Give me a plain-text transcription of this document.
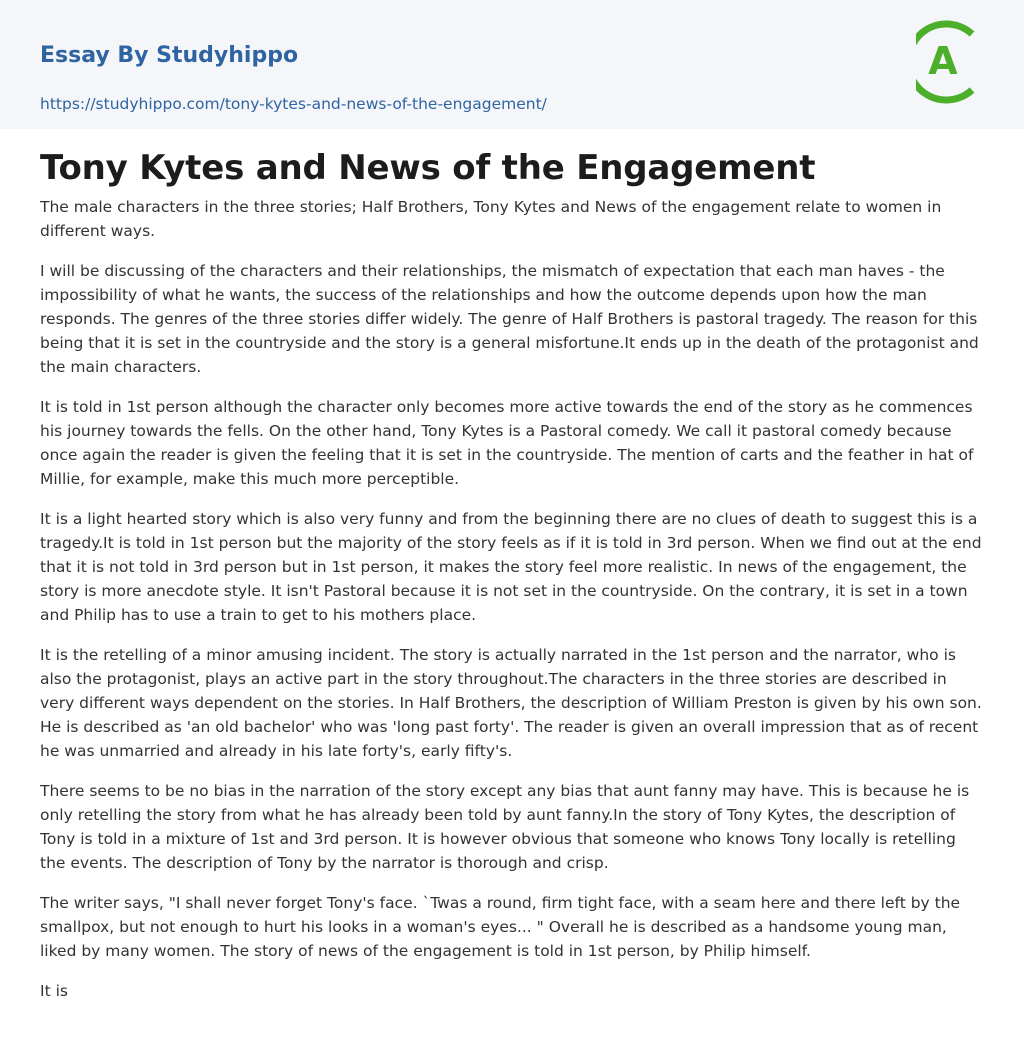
Essay By Studyhippo
https://studyhippo.com/tony-kytes-and-news-of-the-engagement/
A
Tony Kytes and News of the Engagement

The male characters in the three stories; Half Brothers, Tony Kytes and News of the engagement relate to women in different ways.

I will be discussing of the characters and their relationships, the mismatch of expectation that each man haves - the impossibility of what he wants, the success of the relationships and how the outcome depends upon how the man responds. The genres of the three stories differ widely. The genre of Half Brothers is pastoral tragedy. The reason for this being that it is set in the countryside and the story is a general misfortune.It ends up in the death of the protagonist and the main characters.

It is told in 1st person although the character only becomes more active towards the end of the story as he commences his journey towards the fells. On the other hand, Tony Kytes is a Pastoral comedy. We call it pastoral comedy because once again the reader is given the feeling that it is set in the countryside. The mention of carts and the feather in hat of Millie, for example, make this much more perceptible.

It is a light hearted story which is also very funny and from the beginning there are no clues of death to suggest this is a tragedy.It is told in 1st person but the majority of the story feels as if it is told in 3rd person. When we find out at the end that it is not told in 3rd person but in 1st person, it makes the story feel more realistic. In news of the engagement, the story is more anecdote style. It isn't Pastoral because it is not set in the countryside. On the contrary, it is set in a town and Philip has to use a train to get to his mothers place.

It is the retelling of a minor amusing incident. The story is actually narrated in the 1st person and the narrator, who is also the protagonist, plays an active part in the story throughout.The characters in the three stories are described in very different ways dependent on the stories. In Half Brothers, the description of William Preston is given by his own son. He is described as 'an old bachelor' who was 'long past forty'. The reader is given an overall impression that as of recent he was unmarried and already in his late forty's, early fifty's.

There seems to be no bias in the narration of the story except any bias that aunt fanny may have. This is because he is only retelling the story from what he has already been told by aunt fanny.In the story of Tony Kytes, the description of Tony is told in a mixture of 1st and 3rd person. It is however obvious that someone who knows Tony locally is retelling the events. The description of Tony by the narrator is thorough and crisp.

The writer says, "I shall never forget Tony's face. `Twas a round, firm tight face, with a seam here and there left by the smallpox, but not enough to hurt his looks in a woman's eyes... " Overall he is described as a handsome young man, liked by many women. The story of news of the engagement is told in 1st person, by Philip himself.

It is
